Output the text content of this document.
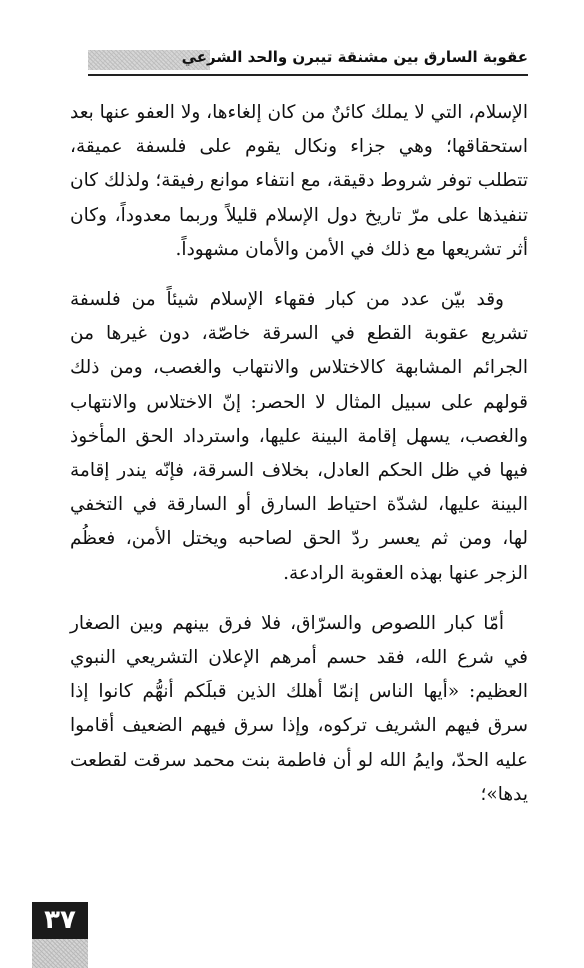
عقوبة السارق بين مشنقة تيبرن والحد الشرعي

الإسلام، التي لا يملك كائنٌ من كان إلغاءها، ولا العفو عنها بعد استحقاقها؛ وهي جزاء ونكال يقوم على فلسفة عميقة، تتطلب توفر شروط دقيقة، مع انتفاء موانع رفيقة؛ ولذلك كان تنفيذها على مرّ تاريخ دول الإسلام قليلاً وربما معدوداً، وكان أثر تشريعها مع ذلك في الأمن والأمان مشهوداً.

وقد بيّن عدد من كبار فقهاء الإسلام شيئاً من فلسفة تشريع عقوبة القطع في السرقة خاصّة، دون غيرها من الجرائم المشابهة كالاختلاس والانتهاب والغصب، ومن ذلك قولهم على سبيل المثال لا الحصر: إنّ الاختلاس والانتهاب والغصب، يسهل إقامة البينة عليها، واسترداد الحق المأخوذ فيها في ظل الحكم العادل، بخلاف السرقة، فإنّه يندر إقامة البينة عليها، لشدّة احتياط السارق أو السارقة في التخفي لها، ومن ثم يعسر ردّ الحق لصاحبه ويختل الأمن، فعظُم الزجر عنها بهذه العقوبة الرادعة.

أمّا كبار اللصوص والسرّاق، فلا فرق بينهم وبين الصغار في شرع الله، فقد حسم أمرهم الإعلان التشريعي النبوي العظيم: «أيها الناس إنمّا أهلك الذين قبلَكم أنهُّم كانوا إذا سرق فيهم الشريف تركوه، وإذا سرق فيهم الضعيف أقاموا عليه الحدّ، وايمُ الله لو أن فاطمة بنت محمد سرقت لقطعت يدها»؛

٣٧
